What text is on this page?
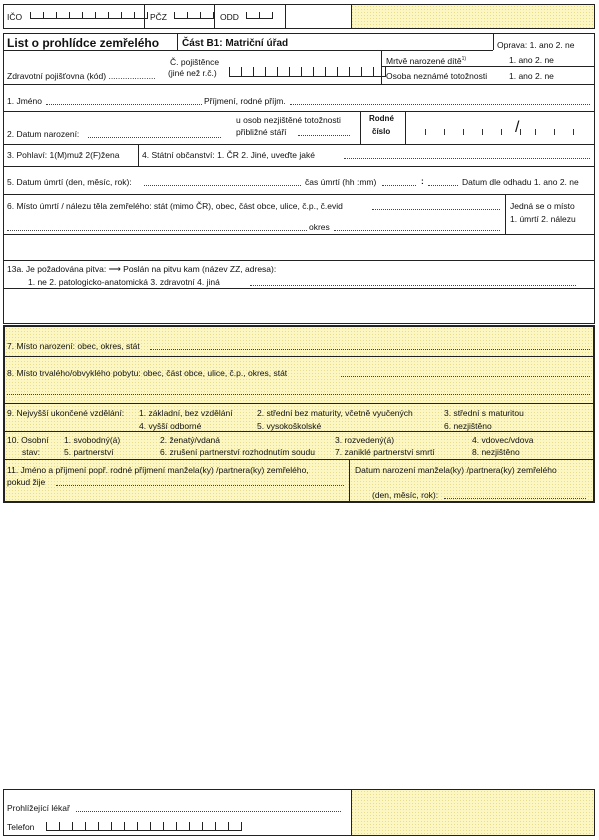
IČO	PČZ	ODD
List o prohlídce zemřelého Část B1: Matriční úřad	Oprava: 1. ano 2. ne
Č. pojištěnce
(jiné než r.č.)
Zdravotní pojišťovna (kód) ....................
Mrtvě narozené dítě$^{1)}$	1. ano 2. ne
Osoba neznámé totožnosti	1. ano 2. ne
1. Jméno	Příjmení, rodné příjm.
2. Datum narození:
u osob nezjištěné totožnosti
přibližné stáří
Rodné
číslo	/
3. Pohlaví: 1(M)muž 2(F)žena	4. Státní občanství: 1. ČR 2. Jiné, uveďte jaké
5. Datum úmrtí (den, měsíc, rok):	čas úmrtí (hh :mm)	:	Datum dle odhadu 1. ano 2. ne
6. Místo úmrtí / nálezu těla zemřelého: stát (mimo ČR), obec, část obce, ulice, č.p., č.evid
okres
Jedná se o místo
1. úmrtí 2. nálezu
13a. Je požadována pitva: ⟶ Poslán na pitvu kam (název ZZ, adresa):
1. ne 2. patologicko-anatomická 3. zdravotní 4. jiná
7. Místo narození: obec, okres, stát
8. Místo trvalého/obvyklého pobytu: obec, část obce, ulice, č.p., okres, stát
9. Nejvyšší ukončené vzdělání: 1. základní, bez vzdělání	2. střední bez maturity, včetně vyučených	3. střední s maturitou
4. vyšší odborné	5. vysokoškolské	6. nezjištěno
10. Osobní
stav:
1. svobodný(á)	2. ženatý/vdaná	3. rozvedený(á)	4. vdovec/vdova
5. partnerství	6. zrušení partnerství rozhodnutím soudu 7. zaniklé partnerství smrtí	8. nezjištěno
11. Jméno a příjmení popř. rodné příjmení manžela(ky) /partnera(ky) zemřelého,
pokud žije
Datum narození manžela(ky) /partnera(ky) zemřelého
(den, měsíc, rok):
Prohlížející lékař
Telefon
